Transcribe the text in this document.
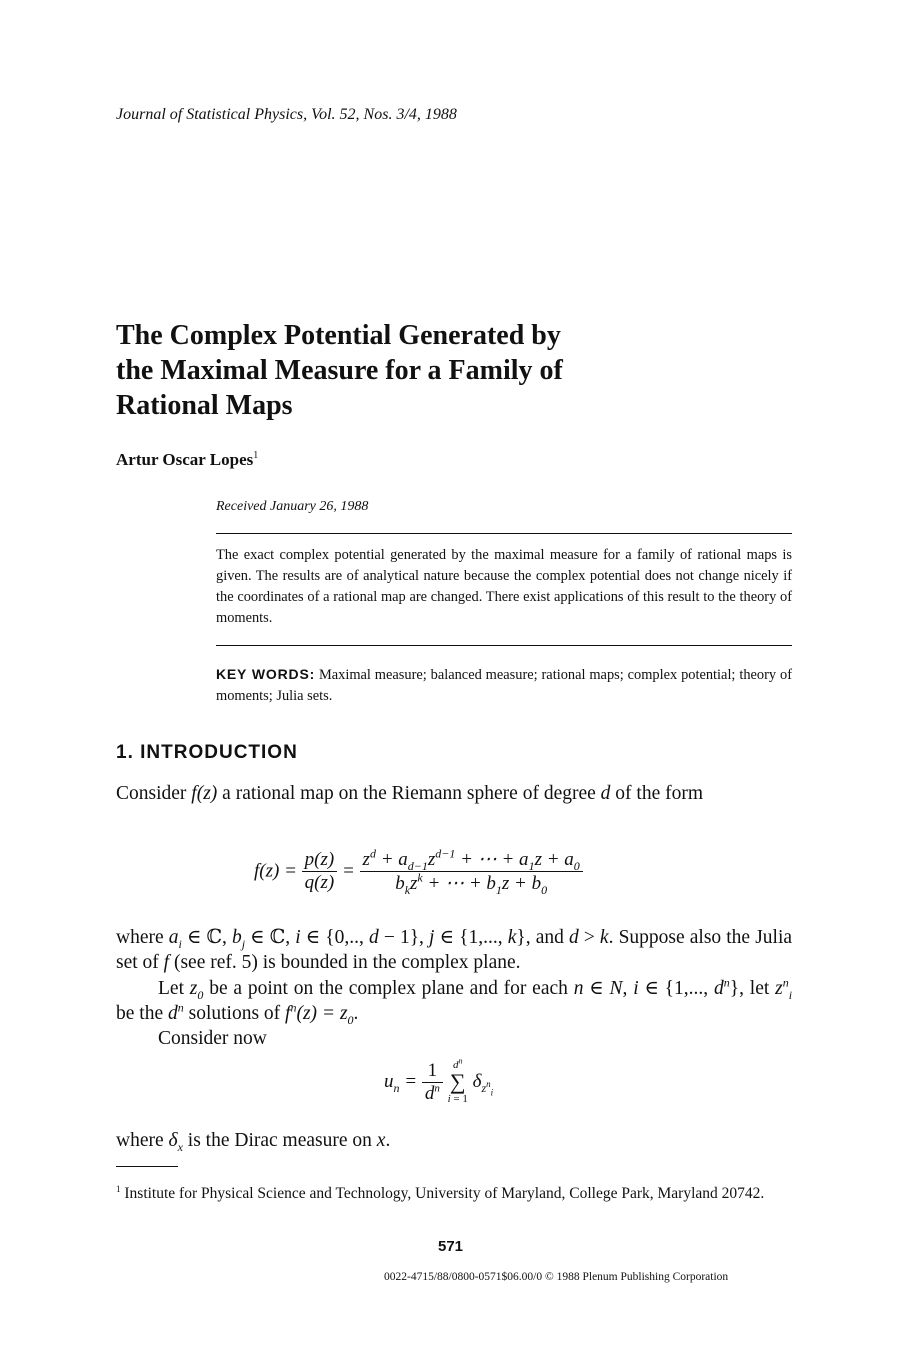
Journal of Statistical Physics, Vol. 52, Nos. 3/4, 1988
The Complex Potential Generated by
the Maximal Measure for a Family of
Rational Maps
Artur Oscar Lopes$^1$
Received January 26, 1988
The exact complex potential generated by the maximal measure for a family of rational maps is given. The results are of analytical nature because the complex potential does not change nicely if the coordinates of a rational map are changed. There exist applications of this result to the theory of moments.
KEY WORDS: Maximal measure; balanced measure; rational maps; complex potential; theory of moments; Julia sets.
1. INTRODUCTION
Consider f(z) a rational map on the Riemann sphere of degree d of the form
$f(z) = \frac{p(z)}{q(z)} = \frac{z^d + a_{d-1}z^{d-1} + \cdots + a_1z + a_0}{b_kz^k + \cdots + b_1z + b_0}$
where $a_i$ ∈ ℂ, $b_j$ ∈ ℂ, i ∈ {0,.., d − 1}, j ∈ {1,..., k}, and d > k. Suppose also the Julia set of f (see ref. 5) is bounded in the complex plane.
Let $z_0$ be a point on the complex plane and for each n ∈ N, i ∈ {1,..., $d^n$}, let $z^n_i$ be the $d^n$ solutions of $f^n(z) = z_0$.
Consider now
$u_n = \frac{1}{d^n}$
$d^n$
∑
i = 1
$\delta_{z^n_i}$
where $\delta_x$ is the Dirac measure on x.
$^1$ Institute for Physical Science and Technology, University of Maryland, College Park, Maryland 20742.
571
0022-4715/88/0800-0571$06.00/0 © 1988 Plenum Publishing Corporation
